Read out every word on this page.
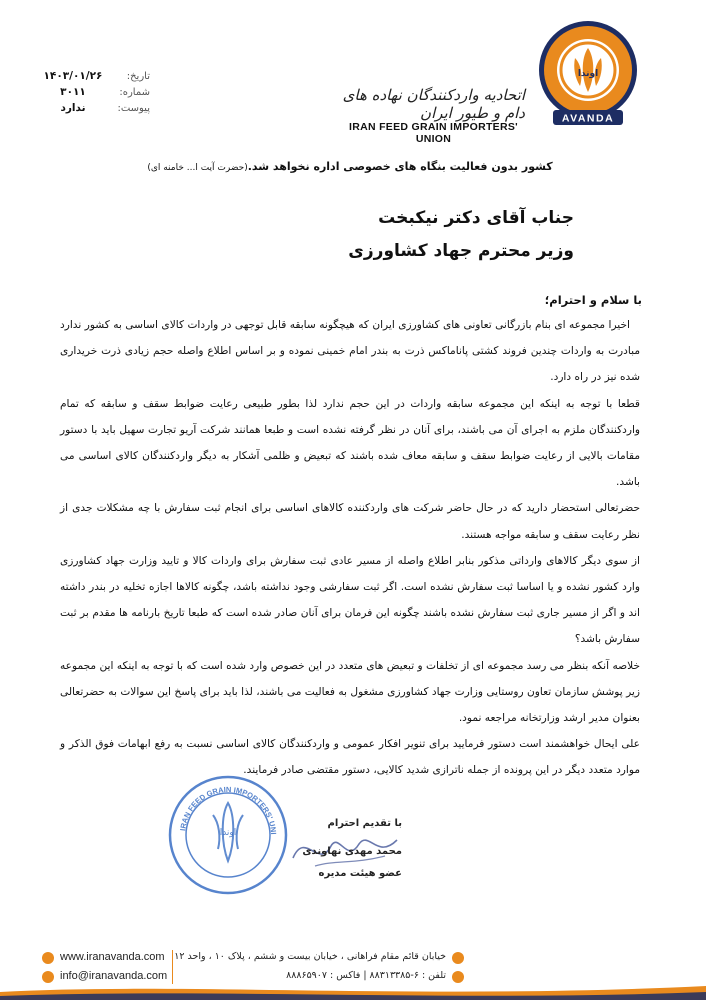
اوندا
AVANDA
اتحادیه واردکنندگان نهاده های دام و طیور ایران
IRAN FEED GRAIN IMPORTERS' UNION
تاریخ:
۱۴۰۳/۰۱/۲۶
شماره:
۳۰۱۱
پیوست:
ندارد
کشور بدون فعالیت بنگاه های خصوصی اداره نخواهد شد.(حضرت آیت ا... خامنه ای)
جناب آقای دکتر نیکبخت
وزیر محترم جهاد کشاورزی
با سلام و احترام؛

اخیرا مجموعه ای بنام بازرگانی تعاونی های کشاورزی ایران که هیچگونه سابقه قابل توجهی در واردات کالای اساسی به کشور ندارد مبادرت به واردات چندین فروند کشتی پاناماکس ذرت به بندر امام خمینی نموده و بر اساس اطلاع واصله حجم زیادی ذرت خریداری شده نیز در راه دارد.

قطعا با توجه به اینکه این مجموعه سابقه واردات در این حجم ندارد لذا بطور طبیعی رعایت ضوابط سقف و سابقه که تمام واردکنندگان ملزم به اجرای آن می باشند، برای آنان در نظر گرفته نشده است و طبعا همانند شرکت آریو تجارت سهیل باید با دستور مقامات بالایی از رعایت ضوابط سقف و سابقه معاف شده باشند که تبعیض و ظلمی آشکار به دیگر واردکنندگان کالای اساسی می باشد.

حضرتعالی استحضار دارید که در حال حاضر شرکت های واردکننده کالاهای اساسی برای انجام ثبت سفارش با چه مشکلات جدی از نظر رعایت سقف و سابقه مواجه هستند.

از سوی دیگر کالاهای وارداتی مذکور بنابر اطلاع واصله از مسیر عادی ثبت سفارش برای واردات کالا و تایید وزارت جهاد کشاورزی وارد کشور نشده و یا اساسا ثبت سفارش نشده است. اگر ثبت سفارشی وجود نداشته باشد، چگونه کالاها اجازه تخلیه در بندر داشته اند و اگر از مسیر جاری ثبت سفارش نشده باشند چگونه این فرمان برای آنان صادر شده است که طبعا تاریخ بارنامه ها مقدم بر ثبت سفارش باشد؟

خلاصه آنکه بنظر می رسد مجموعه ای از تخلفات و تبعیض های متعدد در این خصوص وارد شده است که با توجه به اینکه این مجموعه زیر پوشش سازمان تعاون روستایی وزارت جهاد کشاورزی مشغول به فعالیت می باشند، لذا باید برای پاسخ این سوالات به حضرتعالی بعنوان مدیر ارشد وزارتخانه مراجعه نمود.

علی ایحال خواهشمند است دستور فرمایید برای تنویر افکار عمومی و واردکنندگان کالای اساسی نسبت به رفع ابهامات فوق الذکر و موارد متعدد دیگر در این پرونده از جمله ناترازی شدید کالایی، دستور مقتضی صادر فرمایند.

IRAN FEED GRAIN IMPORTERS' UNI
اوندا
با تقدیم احترام
محمد مهدی نهاوندی
عضو هیئت مدیره
خیابان قائم مقام فراهانی ، خیابان بیست و ششم ، پلاک ۱۰ ، واحد ۱۲
تلفن : ۶-۸۸۳۱۳۳۸۵ | فاکس : ۸۸۸۶۵۹۰۷
www.iranavanda.com
info@iranavanda.com
